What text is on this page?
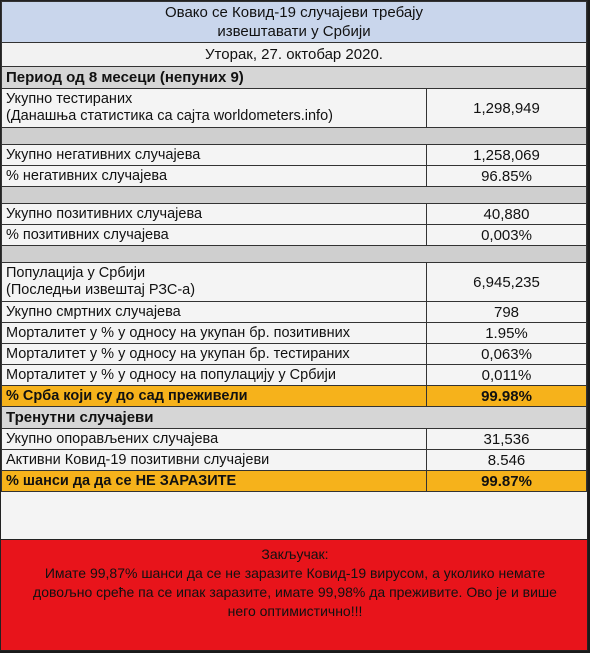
Овако се Ковид-19 случајеви требају
извештавати у Србији	

Уторак, 27. октобар 2020.	
Период од 8 месеци (непуних 9)	

Укупно тестираних
(Данашња статистика са сајта worldometers.info)	1,298,949

Укупно негативних случајева	1,258,069
% негативних случајева	96.85%

Укупно позитивних случајева	40,880
% позитивних случајева	0,003%

Популација у Србији
(Последњи извештај РЗС-а)	6,945,235
Укупно смртних случајева	798
Морталитет у % у односу на укупан бр. позитивних	1.95%
Морталитет у % у односу на укупан бр. тестираних	0,063%
Морталитет у % у односу на популацију у Србији	0,011%
% Срба који су до сад преживели	99.98%
Тренутни случајеви	
Укупно опорављених случајева	31,536
Активни Ковид-19 позитивни случајеви	8.546
% шанси да да се НЕ ЗАРАЗИТЕ	99.87%
Закључак:
Имате 99,87% шанси да се не заразите Ковид-19 вирусом, а уколико немате
довољно среће па се ипак заразите, имате 99,98% да преживите. Ово је и више
него оптимистично!!!
